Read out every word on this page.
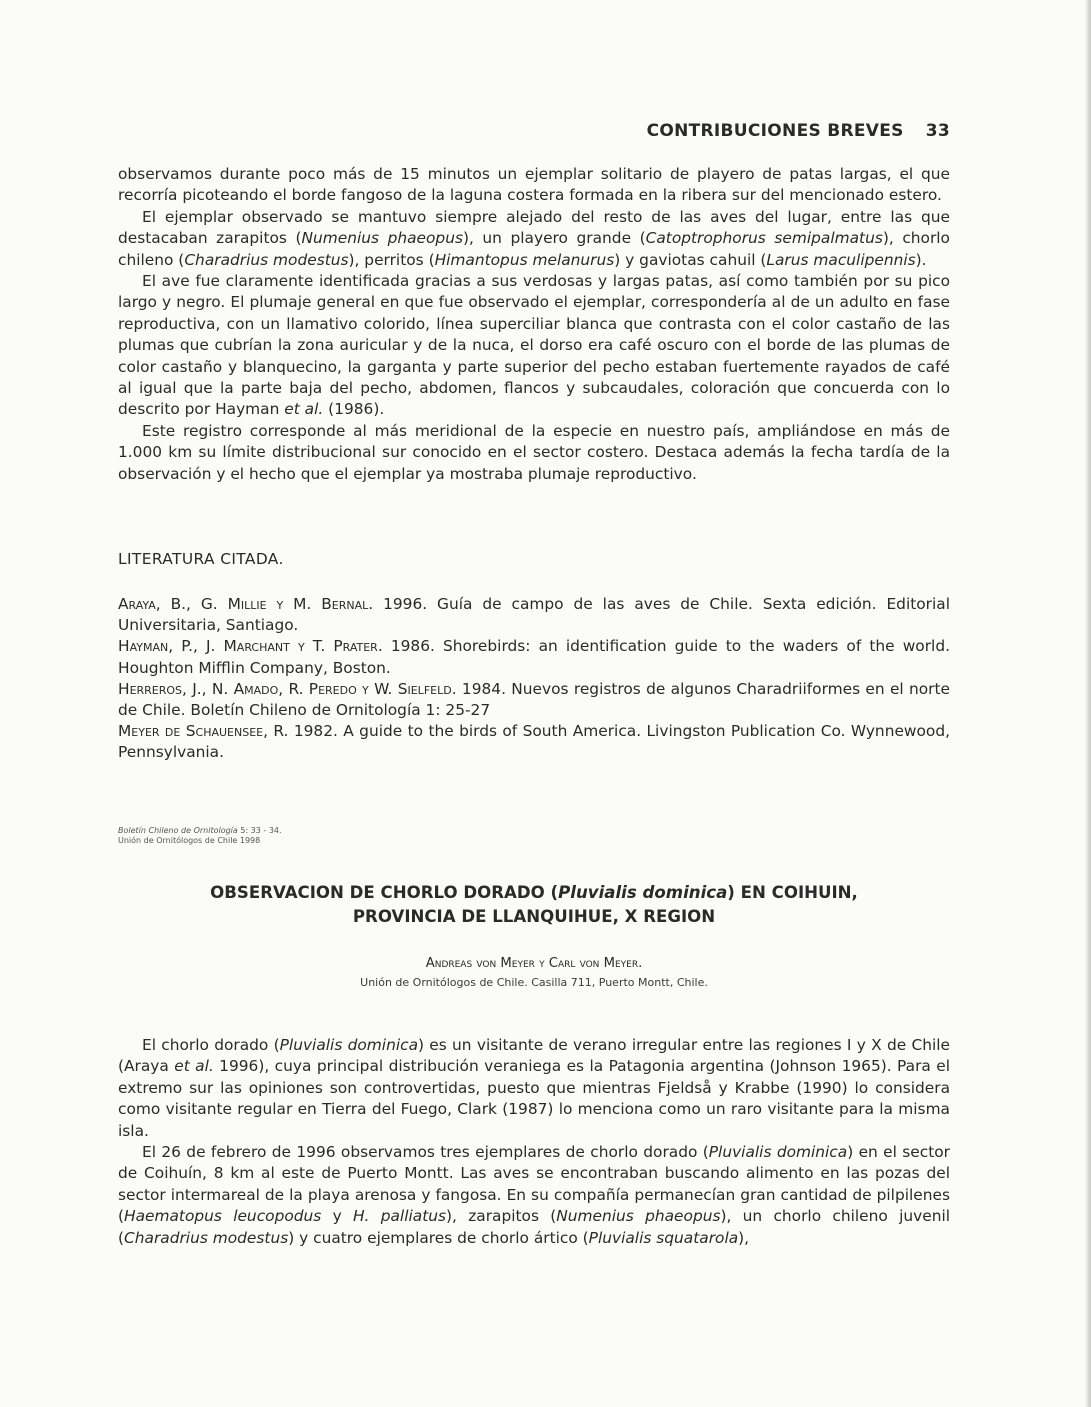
CONTRIBUCIONES BREVES 33

observamos durante poco más de 15 minutos un ejemplar solitario de playero de patas largas, el que recorría picoteando el borde fangoso de la laguna costera formada en la ribera sur del mencionado estero.

El ejemplar observado se mantuvo siempre alejado del resto de las aves del lugar, entre las que destacaban zarapitos (Numenius phaeopus), un playero grande (Catoptrophorus semipalmatus), chorlo chileno (Charadrius modestus), perritos (Himantopus melanurus) y gaviotas cahuil (Larus maculipennis).

El ave fue claramente identificada gracias a sus verdosas y largas patas, así como también por su pico largo y negro. El plumaje general en que fue observado el ejemplar, correspondería al de un adulto en fase reproductiva, con un llamativo colorido, línea superciliar blanca que contrasta con el color castaño de las plumas que cubrían la zona auricular y de la nuca, el dorso era café oscuro con el borde de las plumas de color castaño y blanquecino, la garganta y parte superior del pecho estaban fuertemente rayados de café al igual que la parte baja del pecho, abdomen, flancos y subcaudales, coloración que concuerda con lo descrito por Hayman et al. (1986).

Este registro corresponde al más meridional de la especie en nuestro país, ampliándose en más de 1.000 km su límite distribucional sur conocido en el sector costero. Destaca además la fecha tardía de la observación y el hecho que el ejemplar ya mostraba plumaje reproductivo.

LITERATURA CITADA.

Araya, B., G. Millie y M. Bernal. 1996. Guía de campo de las aves de Chile. Sexta edición. Editorial Universitaria, Santiago.

Hayman, P., J. Marchant y T. Prater. 1986. Shorebirds: an identification guide to the waders of the world. Houghton Mifflin Company, Boston.

Herreros, J., N. Amado, R. Peredo y W. Sielfeld. 1984. Nuevos registros de algunos Charadriiformes en el norte de Chile. Boletín Chileno de Ornitología 1: 25-27

Meyer de Schauensee, R. 1982. A guide to the birds of South America. Livingston Publication Co. Wynnewood, Pennsylvania.

Boletín Chileno de Ornitología 5: 33 - 34.
Unión de Ornitólogos de Chile 1998
OBSERVACION DE CHORLO DORADO (Pluvialis dominica) EN COIHUIN,
PROVINCIA DE LLANQUIHUE, X REGION
Andreas von Meyer y Carl von Meyer.
Unión de Ornitólogos de Chile. Casilla 711, Puerto Montt, Chile.

El chorlo dorado (Pluvialis dominica) es un visitante de verano irregular entre las regiones I y X de Chile (Araya et al. 1996), cuya principal distribución veraniega es la Patagonia argentina (Johnson 1965). Para el extremo sur las opiniones son controvertidas, puesto que mientras Fjeldså y Krabbe (1990) lo considera como visitante regular en Tierra del Fuego, Clark (1987) lo menciona como un raro visitante para la misma isla.

El 26 de febrero de 1996 observamos tres ejemplares de chorlo dorado (Pluvialis dominica) en el sector de Coihuín, 8 km al este de Puerto Montt. Las aves se encontraban buscando alimento en las pozas del sector intermareal de la playa arenosa y fangosa. En su compañía permanecían gran cantidad de pilpilenes (Haematopus leucopodus y H. palliatus), zarapitos (Numenius phaeopus), un chorlo chileno juvenil (Charadrius modestus) y cuatro ejemplares de chorlo ártico (Pluvialis squatarola),
